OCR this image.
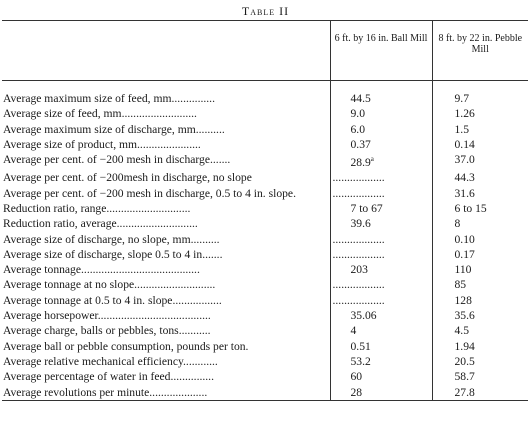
Table II
	6 ft. by 16 in. Ball Mill	8 ft. by 22 in. Pebble Mill

Average maximum size of feed, mm...............	44.5	9.7
Average size of feed, mm..........................	9.0	1.26
Average maximum size of discharge, mm..........	6.0	1.5
Average size of product, mm......................	0.37	0.14
Average per cent. of −200 mesh in discharge.......	28.9$^a$	37.0
Average per cent. of −200mesh in discharge, no slope	..................	44.3
Average per cent. of −200 mesh in discharge, 0.5 to 4 in. slope.	..................	31.6
Reduction ratio, range.............................	7 to 67	6 to 15
Reduction ratio, average............................	39.6	8
Average size of discharge, no slope, mm..........	..................	0.10
Average size of discharge, slope 0.5 to 4 in.......	..................	0.17
Average tonnage.........................................	203	110
Average tonnage at no slope............................	..................	85
Average tonnage at 0.5 to 4 in. slope.................	..................	128
Average horsepower.......................................	35.06	35.6
Average charge, balls or pebbles, tons...........	4	4.5
Average ball or pebble consumption, pounds per ton.	0.51	1.94
Average relative mechanical efficiency............	53.2	20.5
Average percentage of water in feed...............	60	58.7
Average revolutions per minute....................	28	27.8
